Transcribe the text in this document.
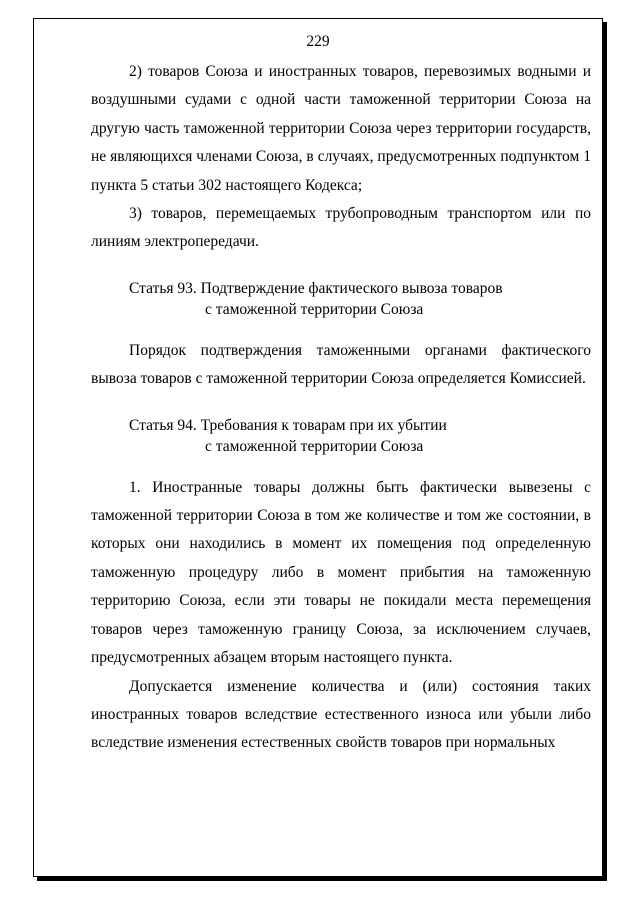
229

2) товаров Союза и иностранных товаров, перевозимых водными и воздушными судами с одной части таможенной территории Союза на другую часть таможенной территории Союза через территории государств, не являющихся членами Союза, в случаях, предусмотренных подпунктом 1 пункта 5 статьи 302 настоящего Кодекса;

3) товаров, перемещаемых трубопроводным транспортом или по линиям электропередачи.

Статья 93. Подтверждение фактического вывоза товаров
с таможенной территории Союза

Порядок подтверждения таможенными органами фактического вывоза товаров с таможенной территории Союза определяется Комиссией.

Статья 94. Требования к товарам при их убытии
с таможенной территории Союза

1. Иностранные товары должны быть фактически вывезены с таможенной территории Союза в том же количестве и том же состоянии, в которых они находились в момент их помещения под определенную таможенную процедуру либо в момент прибытия на таможенную территорию Союза, если эти товары не покидали места перемещения товаров через таможенную границу Союза, за исключением случаев, предусмотренных абзацем вторым настоящего пункта.

Допускается изменение количества и (или) состояния таких иностранных товаров вследствие естественного износа или убыли либо вследствие изменения естественных свойств товаров при нормальных
